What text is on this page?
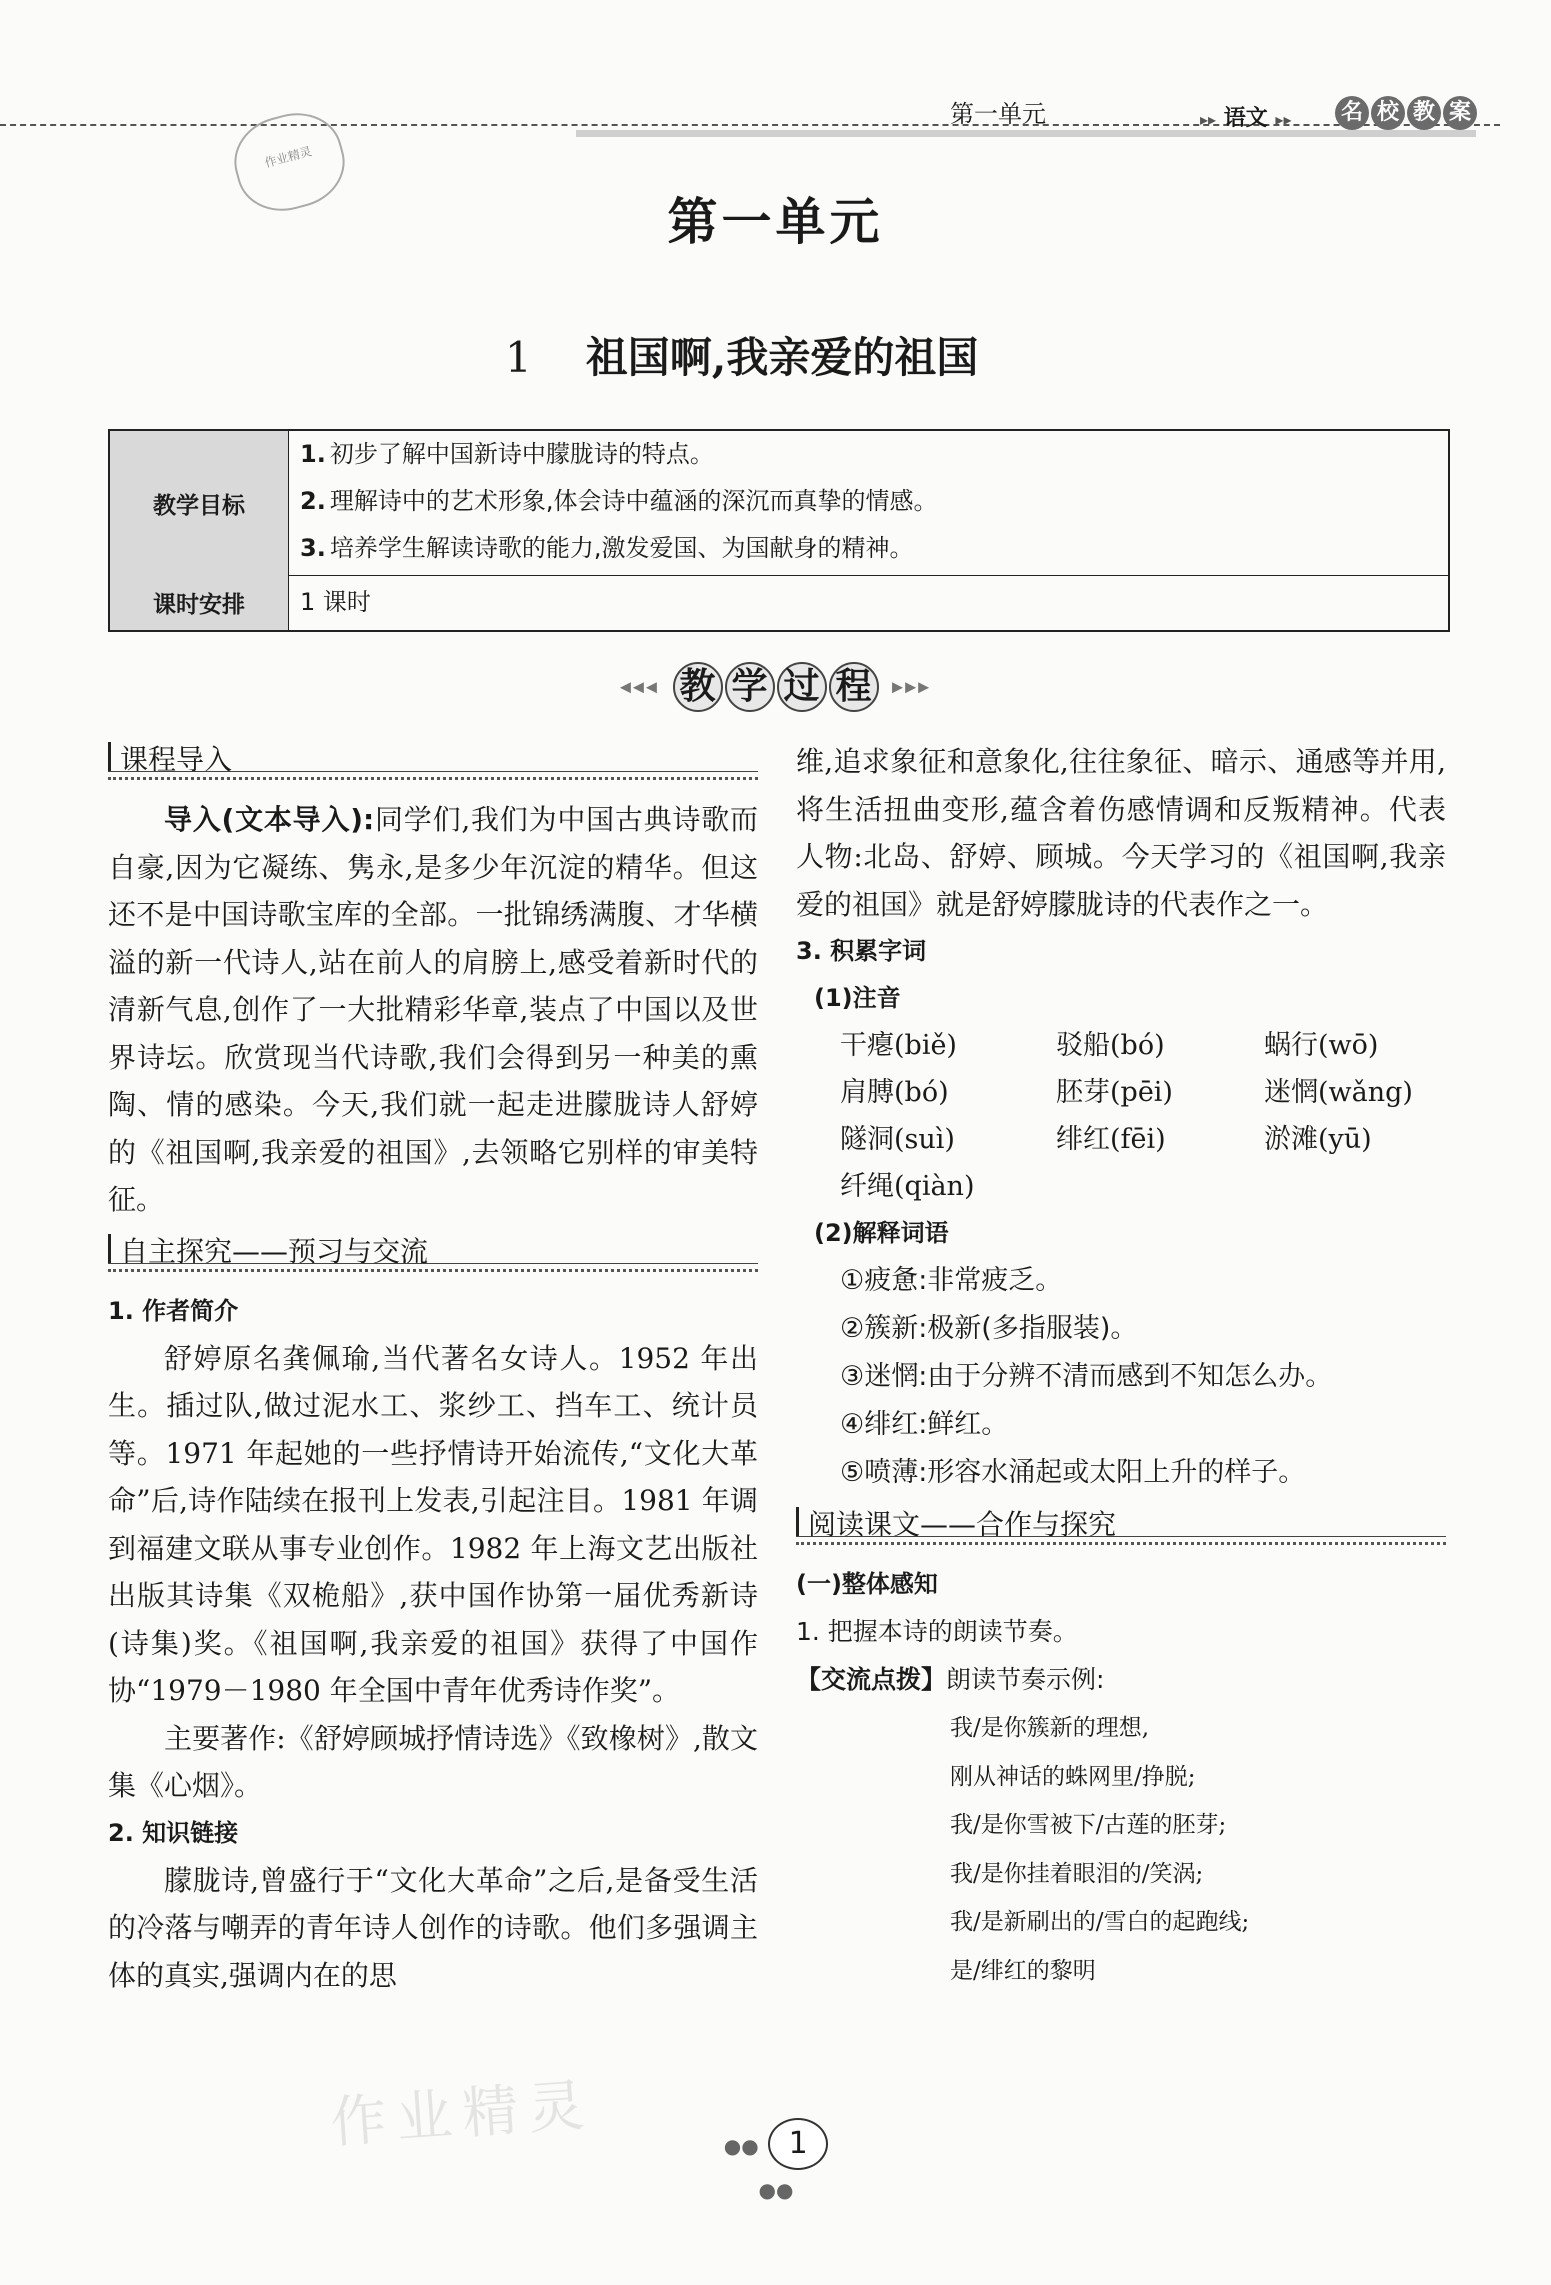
作业精灵
第一单元	▸▸ 语文 ▸▸ 名 校 教 案
第一单元
1 祖国啊,我亲爱的祖国
教学目标
1. 初步了解中国新诗中朦胧诗的特点。
2. 理解诗中的艺术形象,体会诗中蕴涵的深沉而真挚的情感。
3. 培养学生解读诗歌的能力,激发爱国、为国献身的精神。
课时安排	1 课时
◂◂◂ 教 学 过 程 ▸▸▸
课程导入

导入(文本导入):同学们,我们为中国古典诗歌而自豪,因为它凝练、隽永,是多少年沉淀的精华。但这还不是中国诗歌宝库的全部。一批锦绣满腹、才华横溢的新一代诗人,站在前人的肩膀上,感受着新时代的清新气息,创作了一大批精彩华章,装点了中国以及世界诗坛。欣赏现当代诗歌,我们会得到另一种美的熏陶、情的感染。今天,我们就一起走进朦胧诗人舒婷的《祖国啊,我亲爱的祖国》,去领略它别样的审美特征。

自主探究——预习与交流
1. 作者简介

舒婷原名龚佩瑜,当代著名女诗人。1952 年出生。插过队,做过泥水工、浆纱工、挡车工、统计员等。1971 年起她的一些抒情诗开始流传,“文化大革命”后,诗作陆续在报刊上发表,引起注目。1981 年调到福建文联从事专业创作。1982 年上海文艺出版社出版其诗集《双桅船》,获中国作协第一届优秀新诗(诗集)奖。《祖国啊,我亲爱的祖国》获得了中国作协“1979－1980 年全国中青年优秀诗作奖”。

主要著作:《舒婷顾城抒情诗选》《致橡树》,散文集《心烟》。

2. 知识链接

朦胧诗,曾盛行于“文化大革命”之后,是备受生活的冷落与嘲弄的青年诗人创作的诗歌。他们多强调主体的真实,强调内在的思

维,追求象征和意象化,往往象征、暗示、通感等并用,将生活扭曲变形,蕴含着伤感情调和反叛精神。代表人物:北岛、舒婷、顾城。今天学习的《祖国啊,我亲爱的祖国》就是舒婷朦胧诗的代表作之一。

3. 积累字词
(1)注音
干瘪(biě)	驳船(bó)	蜗行(wō)
肩膊(bó)	胚芽(pēi)	迷惘(wǎng)
隧洞(suì)	绯红(fēi)	淤滩(yū)
纤绳(qiàn)
(2)解释词语
①疲惫:非常疲乏。
②簇新:极新(多指服装)。
③迷惘:由于分辨不清而感到不知怎么办。
④绯红:鲜红。
⑤喷薄:形容水涌起或太阳上升的样子。
阅读课文——合作与探究
(一)整体感知
1. 把握本诗的朗读节奏。
【交流点拨】朗读节奏示例:
我/是你簇新的理想,
刚从神话的蛛网里/挣脱;
我/是你雪被下/古莲的胚芽;
我/是你挂着眼泪的/笑涡;
我/是新刷出的/雪白的起跑线;
是/绯红的黎明
作业精灵	●● 1 ●●
